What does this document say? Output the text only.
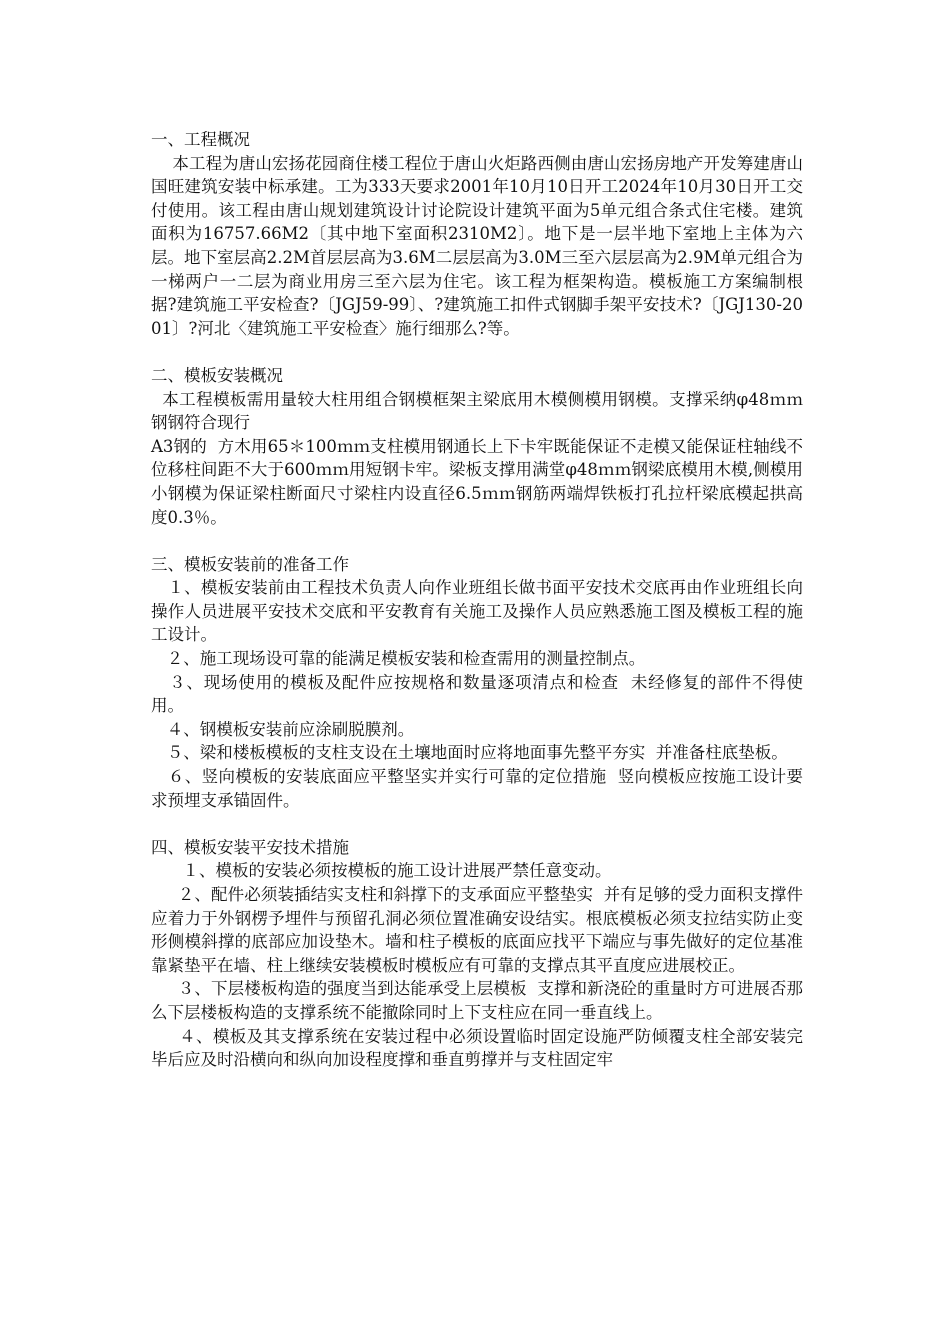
一、工程概况

本工程为唐山宏扬花园商住楼工程位于唐山火炬路西侧由唐山宏扬房地产开发筹建唐山国旺建筑安装中标承建。工为333天要求2001年10月10日开工2024年10月30日开工交付使用。该工程由唐山规划建筑设计讨论院设计建筑平面为5单元组合条式住宅楼。建筑面积为16757.66M2〔其中地下室面积2310M2〕。地下是一层半地下室地上主体为六层。地下室层高2.2M首层层高为3.6M二层层高为3.0M三至六层层高为2.9M单元组合为一梯两户一二层为商业用房三至六层为住宅。该工程为框架构造。模板施工方案编制根据?建筑施工平安检查?〔JGJ59-99〕、?建筑施工扣件式钢脚手架平安技术?〔JGJ130-2001〕?河北〈建筑施工平安检查〉施行细那么?等。

二、模板安装概况

本工程模板需用量较大柱用组合钢模框架主梁底用木模侧模用钢模。支撑采纳φ48ｍｍ钢钢符合现行

A3钢的  方木用65＊100ｍｍ支柱模用钢通长上下卡牢既能保证不走模又能保证柱轴线不位移柱间距不大于600ｍｍ用短钢卡牢。梁板支撑用满堂φ48ｍｍ钢梁底模用木模,侧模用小钢模为保证梁柱断面尺寸梁柱内设直径6.5ｍｍ钢筋两端焊铁板打孔拉杆梁底模起拱高度0.3％。

三、模板安装前的准备工作

１、模板安装前由工程技术负责人向作业班组长做书面平安技术交底再由作业班组长向操作人员进展平安技术交底和平安教育有关施工及操作人员应熟悉施工图及模板工程的施工设计。

２、施工现场设可靠的能满足模板安装和检查需用的测量控制点。

３、现场使用的模板及配件应按规格和数量逐项清点和检查  未经修复的部件不得使用。

４、钢模板安装前应涂刷脱膜剂。

５、梁和楼板模板的支柱支设在土壤地面时应将地面事先整平夯实  并准备柱底垫板。

６、竖向模板的安装底面应平整坚实并实行可靠的定位措施  竖向模板应按施工设计要求预埋支承锚固件。

四、模板安装平安技术措施

１、模板的安装必须按模板的施工设计进展严禁任意变动。

２、配件必须装插结实支柱和斜撑下的支承面应平整垫实  并有足够的受力面积支撑件应着力于外钢楞予埋件与预留孔洞必须位置准确安设结实。根底模板必须支拉结实防止变形侧模斜撑的底部应加设垫木。墙和柱子模板的底面应找平下端应与事先做好的定位基准靠紧垫平在墙、柱上继续安装模板时模板应有可靠的支撑点其平直度应进展校正。

３、下层楼板构造的强度当到达能承受上层模板  支撑和新浇砼的重量时方可进展否那么下层楼板构造的支撑系统不能撤除同时上下支柱应在同一垂直线上。

４、模板及其支撑系统在安装过程中必须设置临时固定设施严防倾覆支柱全部安装完毕后应及时沿横向和纵向加设程度撑和垂直剪撑并与支柱固定牢
